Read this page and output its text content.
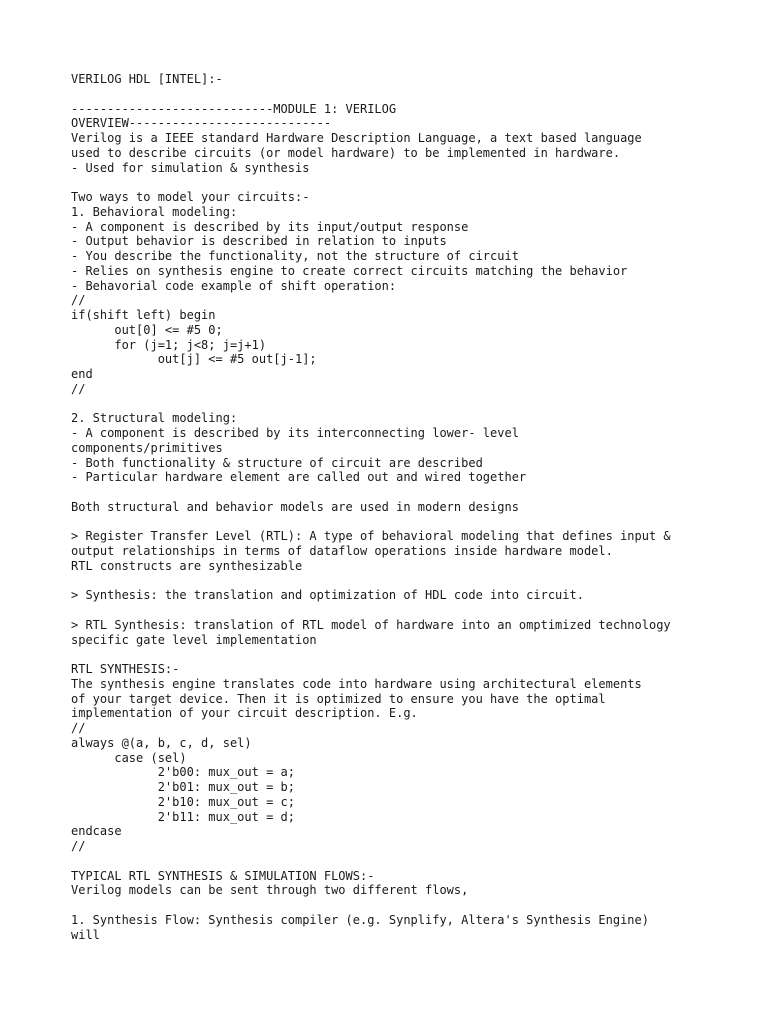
VERILOG HDL [INTEL]:-
----------------------------MODULE 1: VERILOG
OVERVIEW----------------------------
Verilog is a IEEE standard Hardware Description Language, a text based language
used to describe circuits (or model hardware) to be implemented in hardware.
- Used for simulation & synthesis
Two ways to model your circuits:-
1. Behavioral modeling:
- A component is described by its input/output response
- Output behavior is described in relation to inputs
- You describe the functionality, not the structure of circuit
- Relies on synthesis engine to create correct circuits matching the behavior
- Behavorial code example of shift operation:
//
if(shift left) begin
out[0] <= #5 0;
for (j=1; j<8; j=j+1)
out[j] <= #5 out[j-1];
end
//
2. Structural modeling:
- A component is described by its interconnecting lower- level
components/primitives
- Both functionality & structure of circuit are described
- Particular hardware element are called out and wired together
Both structural and behavior models are used in modern designs
> Register Transfer Level (RTL): A type of behavioral modeling that defines input &
output relationships in terms of dataflow operations inside hardware model.
RTL constructs are synthesizable
> Synthesis: the translation and optimization of HDL code into circuit.
> RTL Synthesis: translation of RTL model of hardware into an omptimized technology
specific gate level implementation
RTL SYNTHESIS:-
The synthesis engine translates code into hardware using architectural elements
of your target device. Then it is optimized to ensure you have the optimal
implementation of your circuit description. E.g.
//
always @(a, b, c, d, sel)
case (sel)
2'b00: mux_out = a;
2'b01: mux_out = b;
2'b10: mux_out = c;
2'b11: mux_out = d;
endcase
//
TYPICAL RTL SYNTHESIS & SIMULATION FLOWS:-
Verilog models can be sent through two different flows,
1. Synthesis Flow: Synthesis compiler (e.g. Synplify, Altera's Synthesis Engine)
will
